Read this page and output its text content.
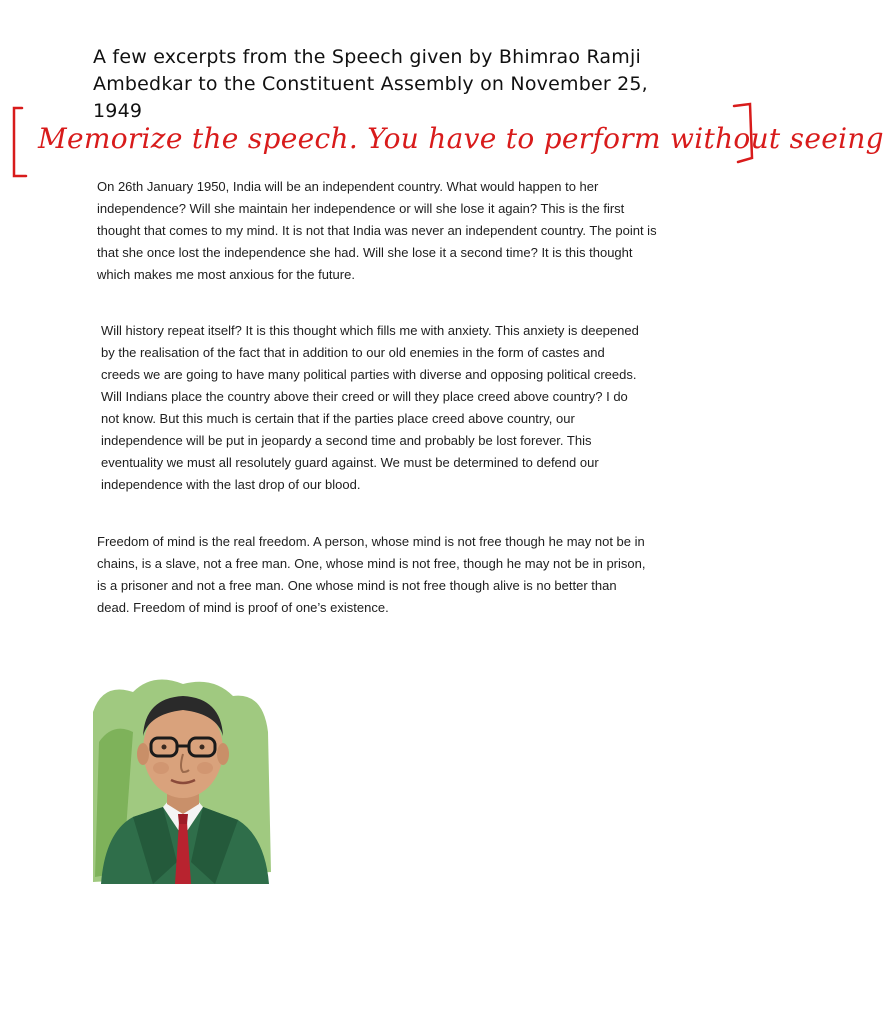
A few excerpts from the Speech given by Bhimrao Ramji Ambedkar to the Constituent Assembly on November 25, 1949
Memorize the speech. You have to perform without seeing
On 26th January 1950, India will be an independent country. What would happen to her independence? Will she maintain her independence or will she lose it again? This is the first thought that comes to my mind. It is not that India was never an independent country. The point is that she once lost the independence she had. Will she lose it a second time? It is this thought which makes me most anxious for the future.
Will history repeat itself? It is this thought which fills me with anxiety. This anxiety is deepened by the realisation of the fact that in addition to our old enemies in the form of castes and creeds we are going to have many political parties with diverse and opposing political creeds. Will Indians place the country above their creed or will they place creed above country? I do not know. But this much is certain that if the parties place creed above country, our independence will be put in jeopardy a second time and probably be lost forever. This eventuality we must all resolutely guard against. We must be determined to defend our independence with the last drop of our blood.
Freedom of mind is the real freedom. A person, whose mind is not free though he may not be in chains, is a slave, not a free man. One, whose mind is not free, though he may not be in prison, is a prisoner and not a free man. One whose mind is not free though alive is no better than dead. Freedom of mind is proof of one’s existence.
